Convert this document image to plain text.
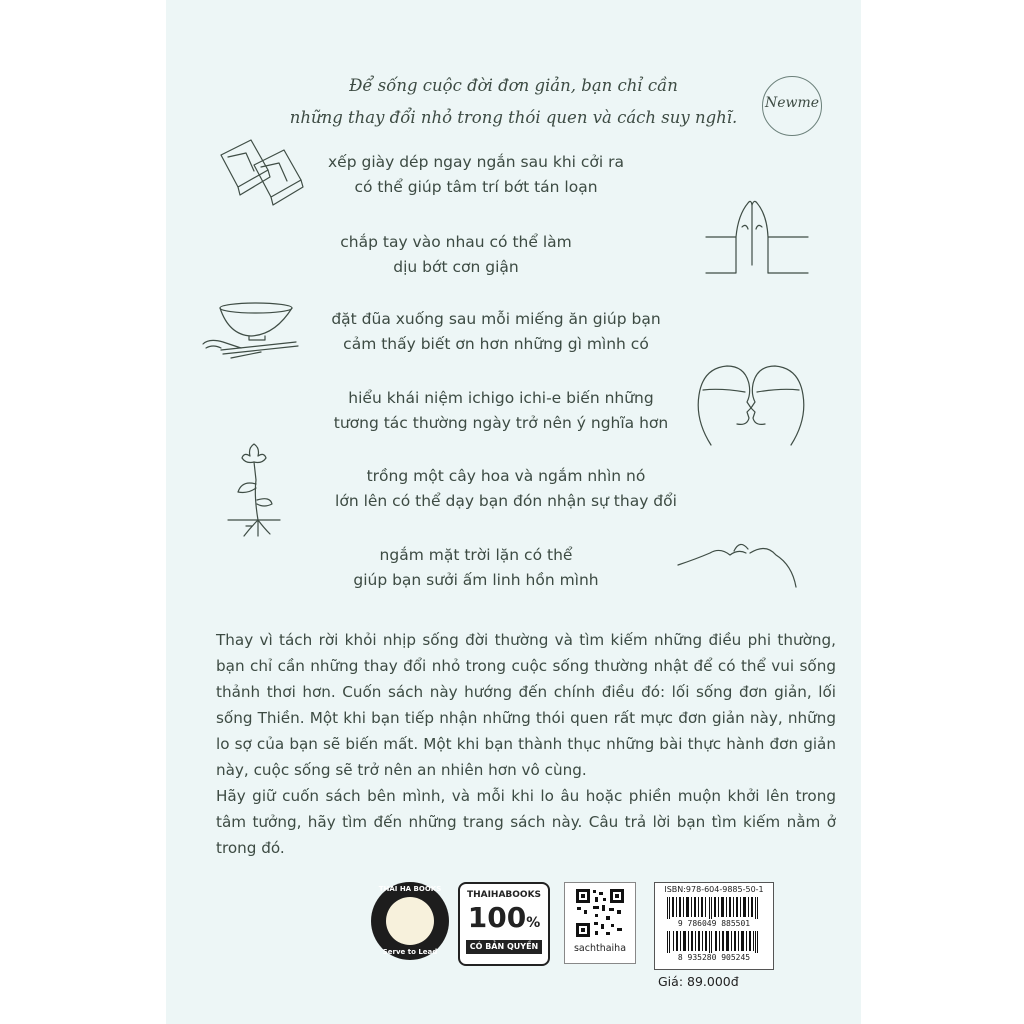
Newme
Để sống cuộc đời đơn giản, bạn chỉ cần
những thay đổi nhỏ trong thói quen và cách suy nghĩ.
xếp giày dép ngay ngắn sau khi cởi ra
có thể giúp tâm trí bớt tán loạn
chắp tay vào nhau có thể làm
dịu bớt cơn giận
đặt đũa xuống sau mỗi miếng ăn giúp bạn
cảm thấy biết ơn hơn những gì mình có
hiểu khái niệm ichigo ichi-e biến những
tương tác thường ngày trở nên ý nghĩa hơn
trồng một cây hoa và ngắm nhìn nó
lớn lên có thể dạy bạn đón nhận sự thay đổi
ngắm mặt trời lặn có thể
giúp bạn sưởi ấm linh hồn mình

Thay vì tách rời khỏi nhịp sống đời thường và tìm kiếm những điều phi thường, bạn chỉ cần những thay đổi nhỏ trong cuộc sống thường nhật để có thể vui sống thảnh thơi hơn. Cuốn sách này hướng đến chính điều đó: lối sống đơn giản, lối sống Thiền. Một khi bạn tiếp nhận những thói quen rất mực đơn giản này, những lo sợ của bạn sẽ biến mất. Một khi bạn thành thục những bài thực hành đơn giản này, cuộc sống sẽ trở nên an nhiên hơn vô cùng.

Hãy giữ cuốn sách bên mình, và mỗi khi lo âu hoặc phiền muộn khởi lên trong tâm tưởng, hãy tìm đến những trang sách này. Câu trả lời bạn tìm kiếm nằm ở trong đó.

THAI HA BOOKS
Serve to Lead
THAIHABOOKS
100%
CÓ BẢN QUYỀN	sachthaiha
ISBN:978-604-9885-50-1
9 786049 885501
8 935280 905245
Giá: 89.000đ
